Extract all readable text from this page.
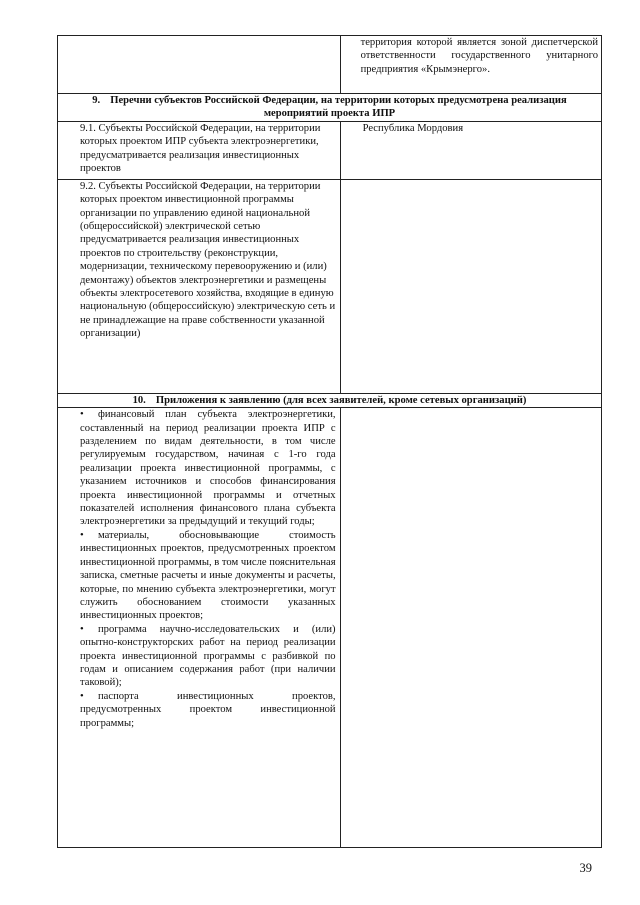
	территория которой является зоной диспетчерской ответственности государственного унитарного предприятия «Крымэнерго».
9. Перечни субъектов Российской Федерации, на территории которых предусмотрена реализация мероприятий проекта ИПР	
9.1. Субъекты Российской Федерации, на территории которых проектом ИПР субъекта электроэнергетики, предусматривается реализация инвестиционных проектов	Республика Мордовия
9.2. Субъекты Российской Федерации, на территории которых проектом инвестиционной программы организации по управлению единой национальной (общероссийской) электрической сетью предусматривается реализация инвестиционных проектов по строительству (реконструкции, модернизации, техническому перевооружению и (или) демонтажу) объектов электроэнергетики и размещены объекты электросетевого хозяйства, входящие в единую национальную (общероссийскую) электрическую сеть и не принадлежащие на праве собственности указанной организации)	
10. Приложения к заявлению (для всех заявителей, кроме сетевых организаций)	

• финансовый план субъекта электроэнергетики, составленный на период реализации проекта ИПР с разделением по видам деятельности, в том числе регулируемым государством, начиная с 1-го года реализации проекта инвестиционной программы, с указанием источников и способов финансирования проекта инвестиционной программы и отчетных показателей исполнения финансового плана субъекта электроэнергетики за предыдущий и текущий годы;

• материалы, обосновывающие стоимость инвестиционных проектов, предусмотренных проектом инвестиционной программы, в том числе пояснительная записка, сметные расчеты и иные документы и расчеты, которые, по мнению субъекта электроэнергетики, могут служить обоснованием стоимости указанных инвестиционных проектов;

• программа научно-исследовательских и (или) опытно-конструкторских работ на период реализации проекта инвестиционной программы с разбивкой по годам и описанием содержания работ (при наличии таковой);

• паспорта инвестиционных проектов, предусмотренных проектом инвестиционной программы;	

39
